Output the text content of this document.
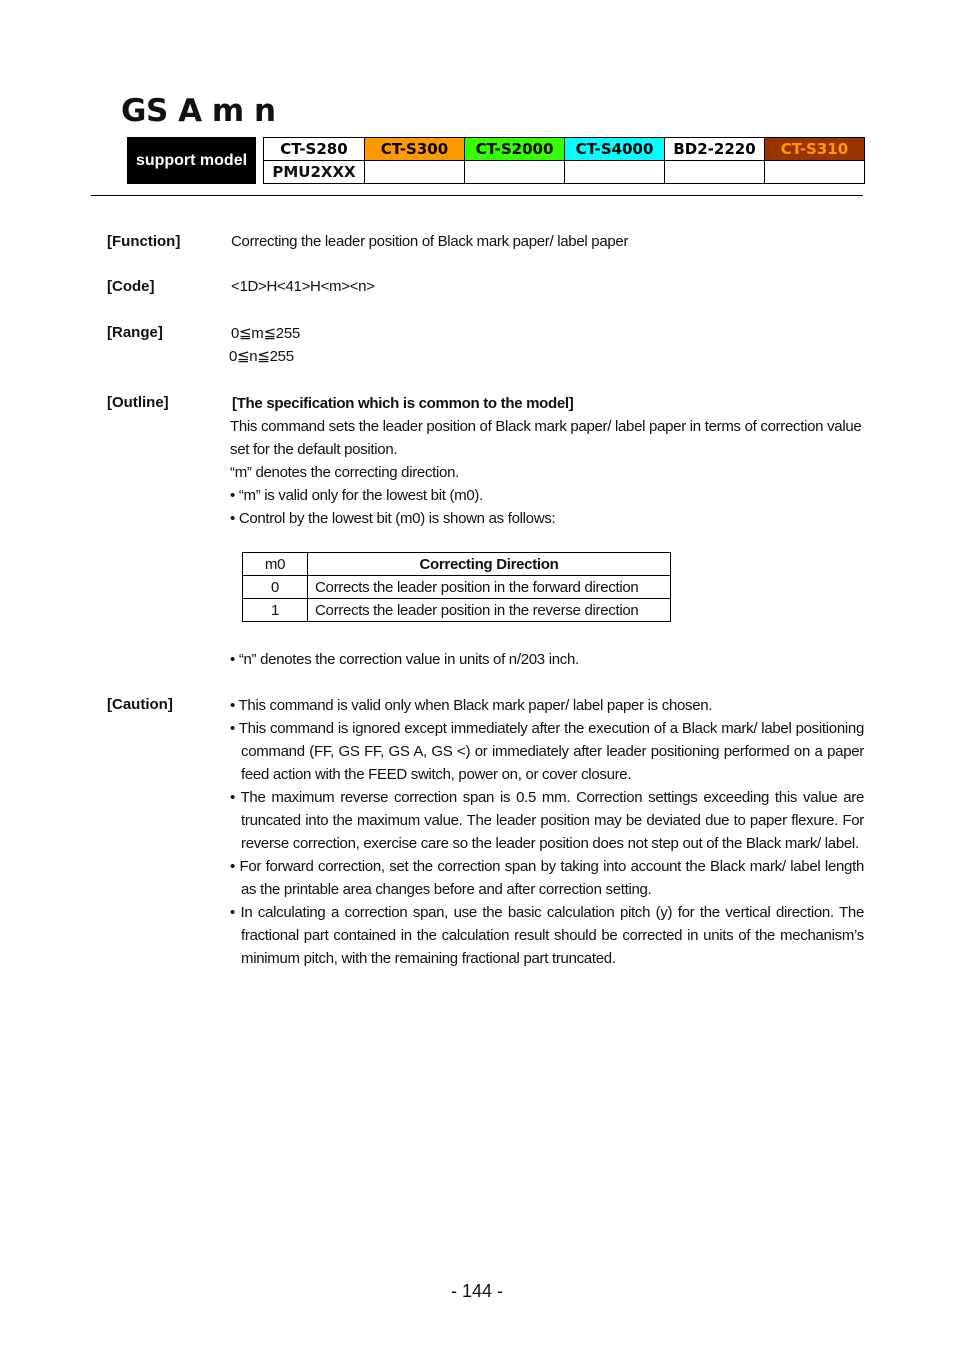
GS A m n
support model
CT-S280	CT-S300	CT-S2000	CT-S4000	BD2-2220	CT-S310
PMU2XXX					
[Function]	Correcting the leader position of Black mark paper/ label paper
[Code]	<1D>H<41>H<m><n>
[Range]	0≦m≦255
0≦n≦255
[Outline]	[The specification which is common to the model]

This command sets the leader position of Black mark paper/ label paper in terms of correction value set for the default position.

“m” denotes the correcting direction.

• “m” is valid only for the lowest bit (m0).

• Control by the lowest bit (m0) is shown as follows:

m0	Correcting Direction
0	Corrects the leader position in the forward direction
1	Corrects the leader position in the reverse direction
• “n” denotes the correction value in units of n/203 inch.
[Caution]	• This command is valid only when Black mark paper/ label paper is chosen.

• This command is ignored except immediately after the execution of a Black mark/ label positioning command (FF, GS FF, GS A, GS <) or immediately after leader positioning performed on a paper feed action with the FEED switch, power on, or cover closure.

• The maximum reverse correction span is 0.5 mm. Correction settings exceeding this value are truncated into the maximum value. The leader position may be deviated due to paper flexure. For reverse correction, exercise care so the leader position does not step out of the Black mark/ label.

• For forward correction, set the correction span by taking into account the Black mark/ label length as the printable area changes before and after correction setting.

• In calculating a correction span, use the basic calculation pitch (y) for the vertical direction. The fractional part contained in the calculation result should be corrected in units of the mechanism’s minimum pitch, with the remaining fractional part truncated.

- 144 -
